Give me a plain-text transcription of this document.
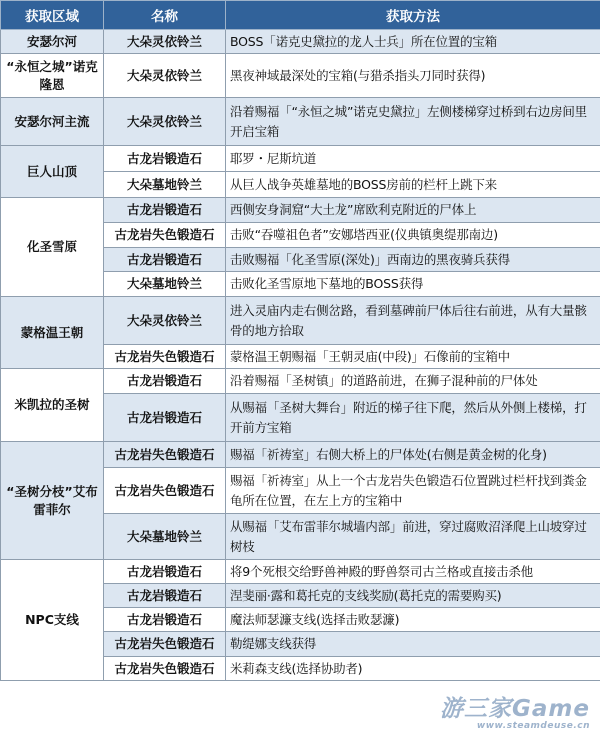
获取区域	名称	获取方法
安瑟尔河	大朵灵依铃兰	BOSS「诺克史黛拉的龙人士兵」所在位置的宝箱
“永恒之城”诺克隆恩	大朵灵依铃兰	黑夜神域最深处的宝箱(与猎杀指头刀同时获得)
安瑟尔河主流	大朵灵依铃兰	沿着赐福「“永恒之城”诺克史黛拉」左侧楼梯穿过桥到右边房间里开启宝箱
巨人山顶	古龙岩锻造石	耶罗・尼斯坑道
	大朵墓地铃兰	从巨人战争英雄墓地的BOSS房前的栏杆上跳下来
化圣雪原	古龙岩锻造石	西侧安身洞窟“大土龙”席欧利克附近的尸体上
	古龙岩失色锻造石	击败“吞噬祖色者”安娜塔西亚(仪典镇奥缇那南边)
	古龙岩锻造石	击败赐福「化圣雪原(深处)」西南边的黑夜骑兵获得
	大朵墓地铃兰	击败化圣雪原地下墓地的BOSS获得
蒙格温王朝	大朵灵依铃兰	进入灵庙内走右侧岔路，看到墓碑前尸体后往右前进，从有大量骸骨的地方拾取
	古龙岩失色锻造石	蒙格温王朝赐福「王朝灵庙(中段)」石像前的宝箱中
米凯拉的圣树	古龙岩锻造石	沿着赐福「圣树镇」的道路前进，在狮子混种前的尸体处
	古龙岩锻造石	从赐福「圣树大舞台」附近的梯子往下爬，然后从外侧上楼梯，打开前方宝箱
“圣树分枝”艾布雷菲尔	古龙岩失色锻造石	赐福「祈祷室」右侧大桥上的尸体处(右侧是黄金树的化身)
	古龙岩失色锻造石	赐福「祈祷室」从上一个古龙岩失色锻造石位置跳过栏杆找到粪金龟所在位置，在左上方的宝箱中
	大朵墓地铃兰	从赐福「艾布雷菲尔城墙内部」前进，穿过腐败沼泽爬上山坡穿过树枝
NPC支线	古龙岩锻造石	将9个死根交给野兽神殿的野兽祭司古兰格或直接击杀他
	古龙岩锻造石	涅斐丽·露和葛托克的支线奖励(葛托克的需要购买)
	古龙岩锻造石	魔法师瑟濂支线(选择击败瑟濂)
	古龙岩失色锻造石	勒缇娜支线获得
	古龙岩失色锻造石	米莉森支线(选择协助者)
游三家Game
www.steamdeuse.cn
